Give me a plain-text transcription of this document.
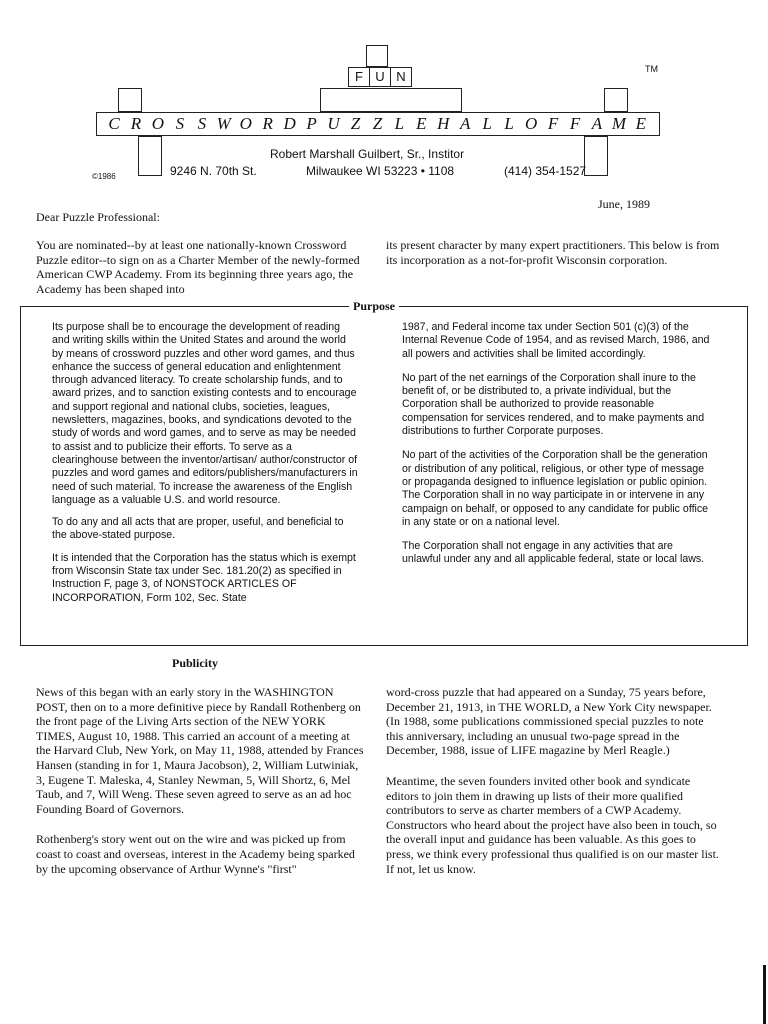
F U N	TM
C R O S S W O R D P U Z Z L E H A L L O F F A M E
Robert Marshall Guilbert, Sr., Institor
©1986	9246 N. 70th St.	Milwaukee WI 53223 • 1108	(414) 354-1527
June, 1989
Dear Puzzle Professional:

You are nominated--by at least one nationally-known Crossword Puzzle editor--to sign on as a Charter Member of the newly-formed American CWP Academy. From its beginning three years ago, the Academy has been shaped into

its present character by many expert practitioners. This below is from its incorporation as a not-for-profit Wisconsin corporation.

Purpose

Its purpose shall be to encourage the development of reading and writing skills within the United States and around the world by means of crossword puzzles and other word games, and thus enhance the success of general education and enlightenment through advanced literacy. To create scholarship funds, and to award prizes, and to sanction existing contests and to encourage and support regional and national clubs, societies, leagues, newsletters, magazines, books, and syndications devoted to the study of words and word games, and to serve as may be needed to assist and to publicize their efforts. To serve as a clearinghouse between the inventor/artisan/ author/constructor of puzzles and word games and editors/publishers/manufacturers in need of such material. To increase the awareness of the English language as a valuable U.S. and world resource.

To do any and all acts that are proper, useful, and beneficial to the above-stated purpose.

It is intended that the Corporation has the status which is exempt from Wisconsin State tax under Sec. 181.20(2) as specified in Instruction F, page 3, of NONSTOCK ARTICLES OF INCORPORATION, Form 102, Sec. State

1987, and Federal income tax under Section 501 (c)(3) of the Internal Revenue Code of 1954, and as revised March, 1986, and all powers and activities shall be limited accordingly.

No part of the net earnings of the Corporation shall inure to the benefit of, or be distributed to, a private individual, but the Corporation shall be authorized to provide reasonable compensation for services rendered, and to make payments and distributions to further Corporate purposes.

No part of the activities of the Corporation shall be the generation or distribution of any political, religious, or other type of message or propaganda designed to influence legislation or public opinion. The Corporation shall in no way participate in or intervene in any campaign on behalf, or opposed to any candidate for public office in any state or on a national level.

The Corporation shall not engage in any activities that are unlawful under any and all applicable federal, state or local laws.

Publicity

News of this began with an early story in the WASHINGTON POST, then on to a more definitive piece by Randall Rothenberg on the front page of the Living Arts section of the NEW YORK TIMES, August 10, 1988. This carried an account of a meeting at the Harvard Club, New York, on May 11, 1988, attended by Frances Hansen (standing in for 1, Maura Jacobson), 2, William Lutwiniak, 3, Eugene T. Maleska, 4, Stanley Newman, 5, Will Shortz, 6, Mel Taub, and 7, Will Weng. These seven agreed to serve as an ad hoc Founding Board of Governors.

Rothenberg's story went out on the wire and was picked up from coast to coast and overseas, interest in the Academy being sparked by the upcoming observance of Arthur Wynne's "first"

word-cross puzzle that had appeared on a Sunday, 75 years before, December 21, 1913, in THE WORLD, a New York City newspaper. (In 1988, some publications commissioned special puzzles to note this anniversary, including an unusual two-page spread in the December, 1988, issue of LIFE magazine by Merl Reagle.)

Meantime, the seven founders invited other book and syndicate editors to join them in drawing up lists of their more qualified contributors to serve as charter members of a CWP Academy. Constructors who heard about the project have also been in touch, so the overall input and guidance has been valuable. As this goes to press, we think every professional thus qualified is on our master list. If not, let us know.
